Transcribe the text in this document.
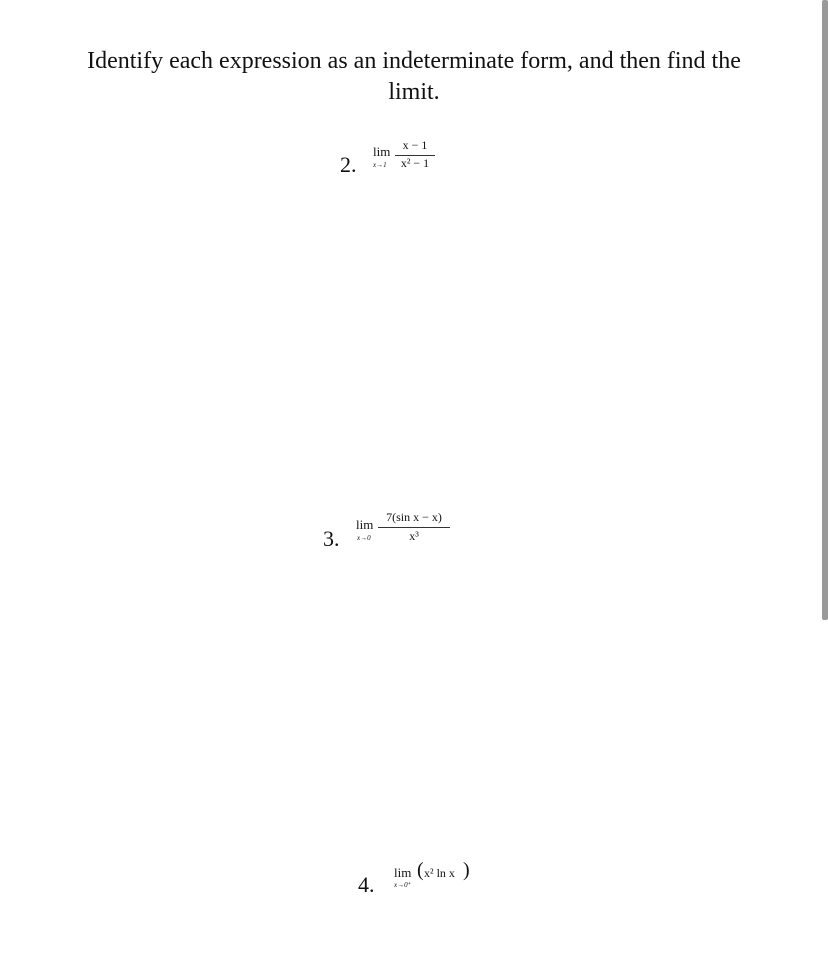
Identify each expression as an indeterminate form, and then find the limit.
2.
lim
x→1
x − 1
x² − 1
3.
lim
x→0
7(sin x − x)
x³
4. lim
x→0⁺
( x² ln x )
